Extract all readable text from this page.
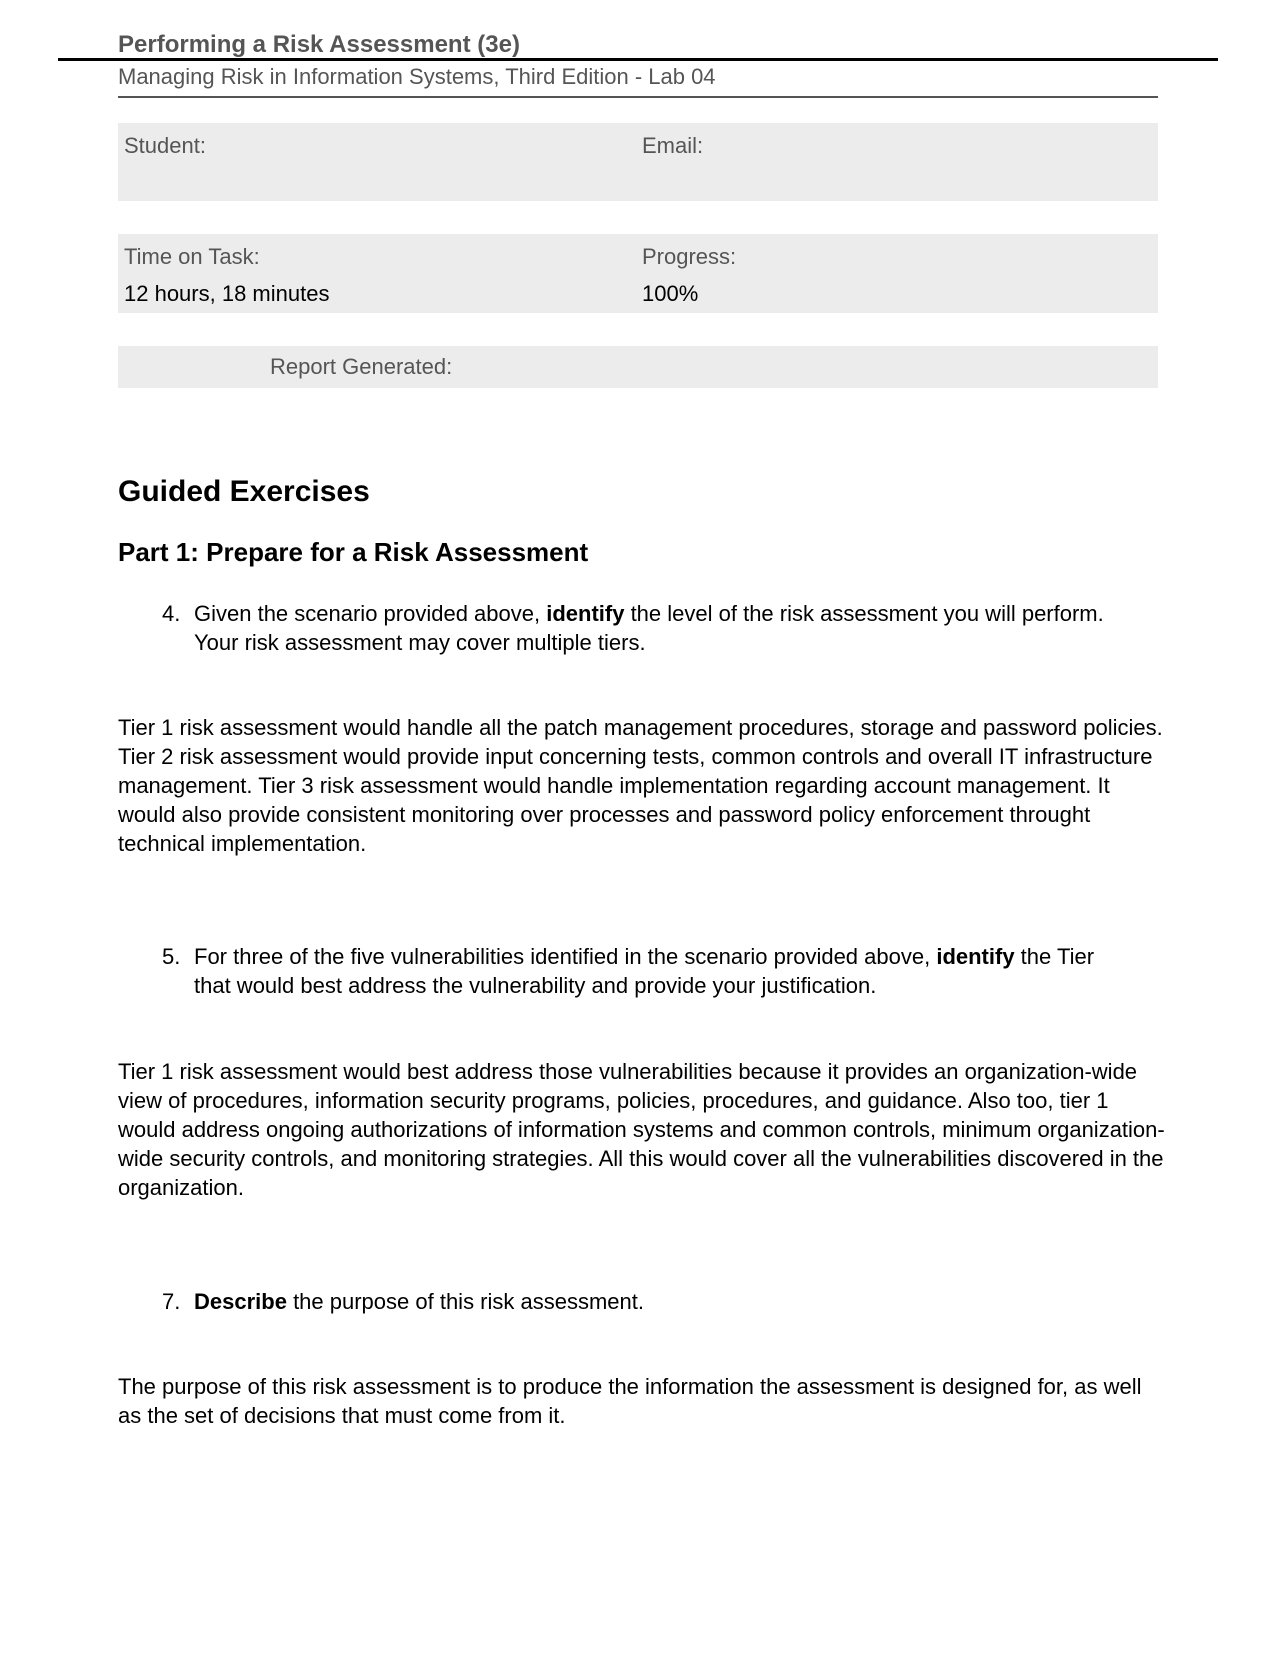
Performing a Risk Assessment (3e)
Managing Risk in Information Systems, Third Edition - Lab 04
Student:	Email:
Time on Task:
12 hours, 18 minutes
Progress:
100%
Report Generated:
Guided Exercises
Part 1: Prepare for a Risk Assessment
4. Given the scenario provided above, identify the level of the risk assessment you will perform.
Your risk assessment may cover multiple tiers.
Tier 1 risk assessment would handle all the patch management procedures, storage and password policies. Tier 2 risk assessment would provide input concerning tests, common controls and overall IT infrastructure management. Tier 3 risk assessment would handle implementation regarding account management. It would also provide consistent monitoring over processes and password policy enforcement throught technical implementation.
5. For three of the five vulnerabilities identified in the scenario provided above, identify the Tier
that would best address the vulnerability and provide your justification.
Tier 1 risk assessment would best address those vulnerabilities because it provides an organization-wide view of procedures, information security programs, policies, procedures, and guidance. Also too, tier 1 would address ongoing authorizations of information systems and common controls, minimum organization-wide security controls, and monitoring strategies. All this would cover all the vulnerabilities discovered in the organization.
7. Describe the purpose of this risk assessment.
The purpose of this risk assessment is to produce the information the assessment is designed for, as well as the set of decisions that must come from it.
